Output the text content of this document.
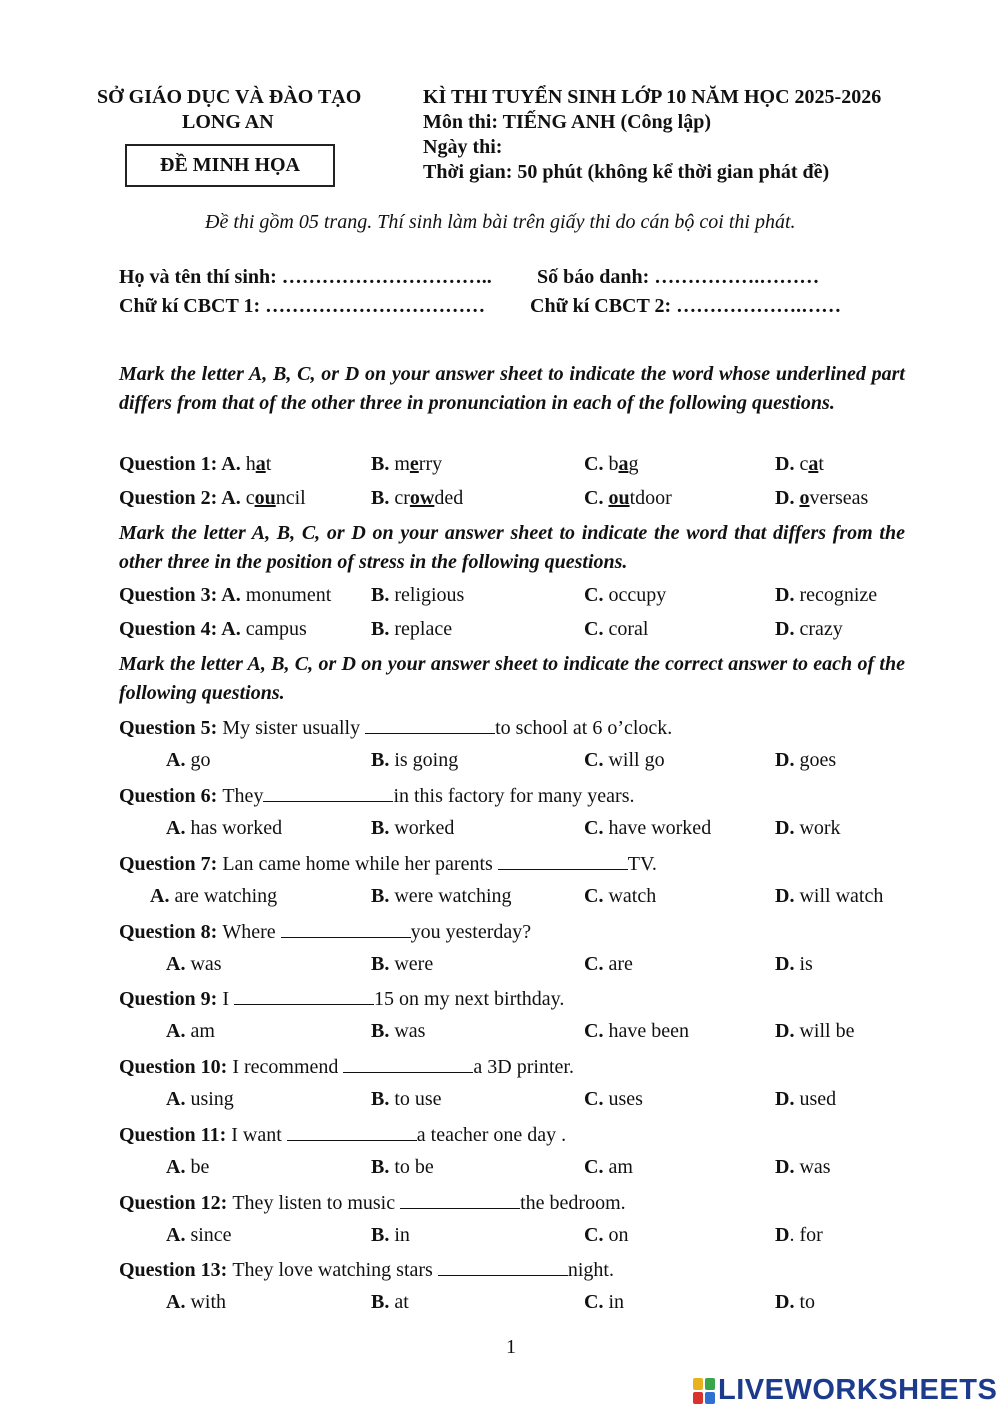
SỞ GIÁO DỤC VÀ ĐÀO TẠO
LONG AN
ĐỀ MINH HỌA
KÌ THI TUYỂN SINH LỚP 10 NĂM HỌC 2025-2026
Môn thi: TIẾNG ANH (Công lập)
Ngày thi:
Thời gian: 50 phút (không kể thời gian phát đề)
Đề thi gồm 05 trang. Thí sinh làm bài trên giấy thi do cán bộ coi thi phát.
Họ và tên thí sinh: ………………………….. Số báo danh: …………….………
Chữ kí CBCT 1: …………………………… Chữ kí CBCT 2: ……………….……
Mark the letter A, B, C, or D on your answer sheet to indicate the word whose underlined part differs from that of the other three in pronunciation in each of the following questions.
Mark the letter A, B, C, or D on your answer sheet to indicate the word that differs from the other three in the position of stress in the following questions.
Mark the letter A, B, C, or D on your answer sheet to indicate the correct answer to each of the following questions.
Question 1: A. hat	B. merry	C. bag	D. cat
Question 2: A. council	B. crowded	C. outdoor	D. overseas
Question 3: A. monument B. religious	C. occupy	D. recognize
Question 4: A. campus	B. replace	C. coral	D. crazy
Question 5: My sister usually	to school at 6 o’clock.
A. go	B. is going	C. will go	D. goes
Question 6: They	in this factory for many years.
A. has worked	B. worked	C. have worked	D. work
Question 7: Lan came home while her parents	TV.
A. are watching	B. were watching	C. watch	D. will watch
Question 8: Where	you yesterday?
A. was	B. were	C. are	D. is
Question 9: I	15 on my next birthday.
A. am	B. was	C. have been	D. will be
Question 10: I recommend	a 3D printer.
A. using	B. to use	C. uses	D. used
Question 11: I want	a teacher one day .
A. be	B. to be	C. am	D. was
Question 12: They listen to music	the bedroom.
A. since	B. in	C. on	D. for
Question 13: They love watching stars	night.
A. with	B. at	C. in	D. to
1
LIVEWORKSHEETS
